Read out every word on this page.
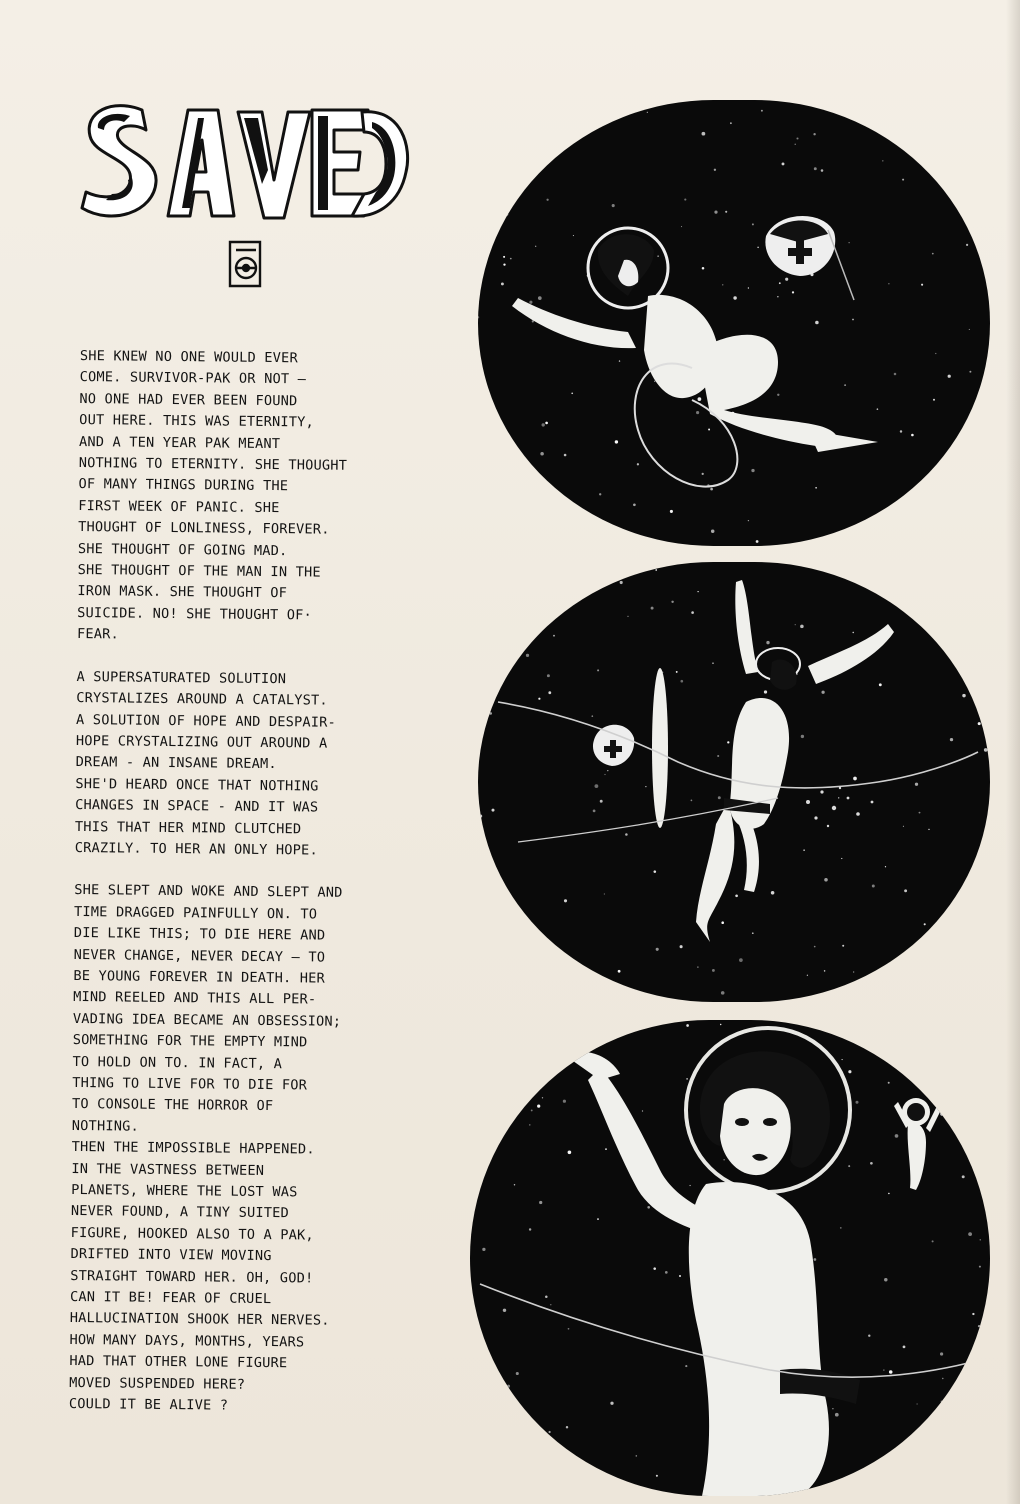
SHE KNEW NO ONE WOULD EVER
COME. SURVIVOR-PAK OR NOT —
NO ONE HAD EVER BEEN FOUND
OUT HERE. THIS WAS ETERNITY,
AND A TEN YEAR PAK MEANT
NOTHING TO ETERNITY. SHE THOUGHT
OF MANY THINGS DURING THE
FIRST WEEK OF PANIC. SHE
THOUGHT OF LONLINESS, FOREVER.
SHE THOUGHT OF GOING MAD.
SHE THOUGHT OF THE MAN IN THE
IRON MASK. SHE THOUGHT OF
SUICIDE. NO! SHE THOUGHT OF·
FEAR.
A SUPERSATURATED SOLUTION
CRYSTALIZES AROUND A CATALYST.
A SOLUTION OF HOPE AND DESPAIR-
HOPE CRYSTALIZING OUT AROUND A
DREAM - AN INSANE DREAM.
SHE'D HEARD ONCE THAT NOTHING
CHANGES IN SPACE - AND IT WAS
THIS THAT HER MIND CLUTCHED
CRAZILY. TO HER AN ONLY HOPE.
SHE SLEPT AND WOKE AND SLEPT AND
TIME DRAGGED PAINFULLY ON. TO
DIE LIKE THIS; TO DIE HERE AND
NEVER CHANGE, NEVER DECAY — TO
BE YOUNG FOREVER IN DEATH. HER
MIND REELED AND THIS ALL PER-
VADING IDEA BECAME AN OBSESSION;
SOMETHING FOR THE EMPTY MIND
TO HOLD ON TO. IN FACT, A
THING TO LIVE FOR TO DIE FOR
TO CONSOLE THE HORROR OF
NOTHING.
THEN THE IMPOSSIBLE HAPPENED.
IN THE VASTNESS BETWEEN
PLANETS, WHERE THE LOST WAS
NEVER FOUND, A TINY SUITED
FIGURE, HOOKED ALSO TO A PAK,
DRIFTED INTO VIEW MOVING
STRAIGHT TOWARD HER. OH, GOD!
CAN IT BE! FEAR OF CRUEL
HALLUCINATION SHOOK HER NERVES.
HOW MANY DAYS, MONTHS, YEARS
HAD THAT OTHER LONE FIGURE
MOVED SUSPENDED HERE?
COULD IT BE ALIVE ?
